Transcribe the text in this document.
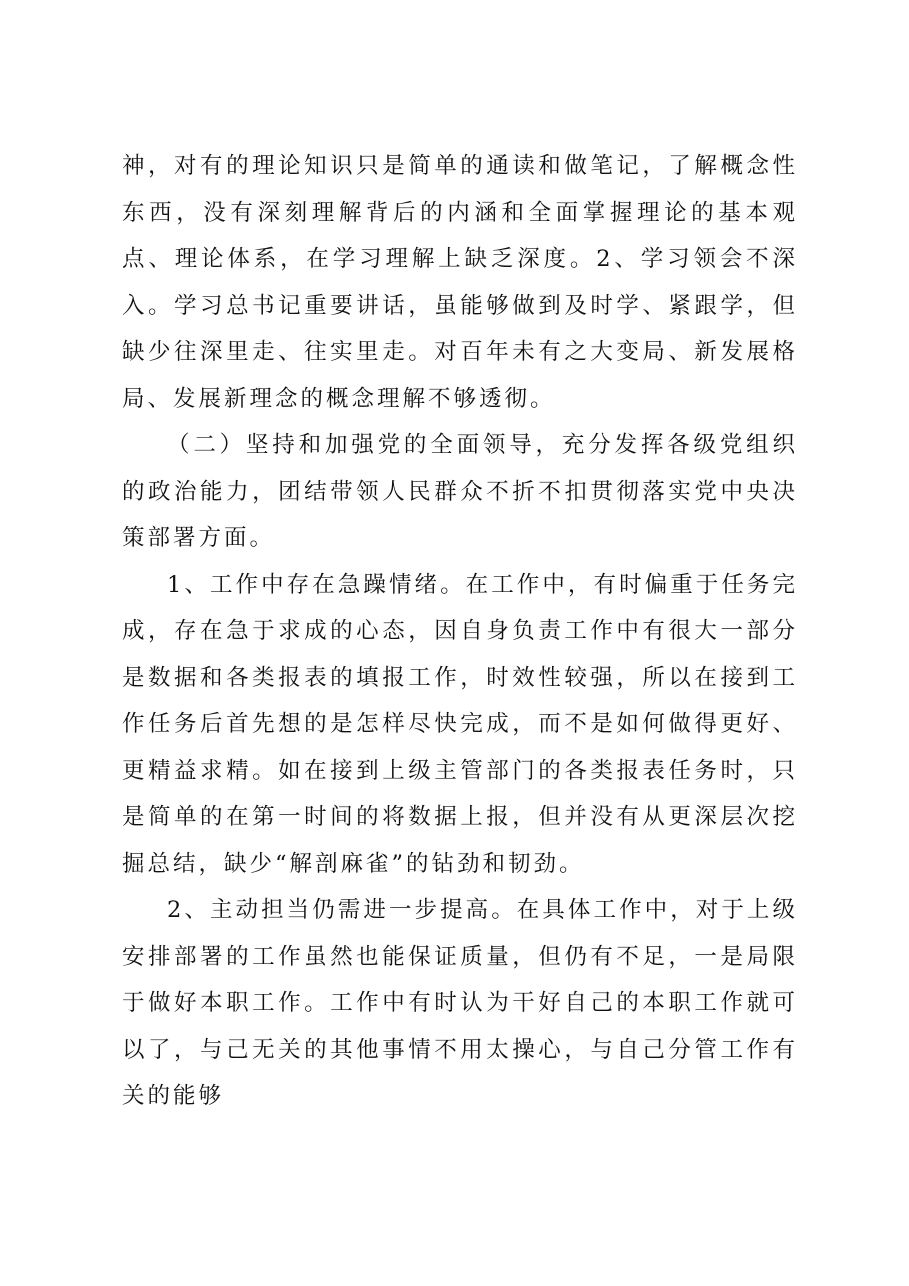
神，对有的理论知识只是简单的通读和做笔记，了解概念性东西，没有深刻理解背后的内涵和全面掌握理论的基本观点、理论体系，在学习理解上缺乏深度。2、学习领会不深入。学习总书记重要讲话，虽能够做到及时学、紧跟学，但缺少往深里走、往实里走。对百年未有之大变局、新发展格局、发展新理念的概念理解不够透彻。

（二）坚持和加强党的全面领导，充分发挥各级党组织的政治能力，团结带领人民群众不折不扣贯彻落实党中央决策部署方面。

1、工作中存在急躁情绪。在工作中，有时偏重于任务完成，存在急于求成的心态，因自身负责工作中有很大一部分是数据和各类报表的填报工作，时效性较强，所以在接到工作任务后首先想的是怎样尽快完成，而不是如何做得更好、更精益求精。如在接到上级主管部门的各类报表任务时，只是简单的在第一时间的将数据上报，但并没有从更深层次挖掘总结，缺少“解剖麻雀”的钻劲和韧劲。

2、主动担当仍需进一步提高。在具体工作中，对于上级安排部署的工作虽然也能保证质量，但仍有不足，一是局限于做好本职工作。工作中有时认为干好自己的本职工作就可以了，与己无关的其他事情不用太操心，与自己分管工作有关的能够
